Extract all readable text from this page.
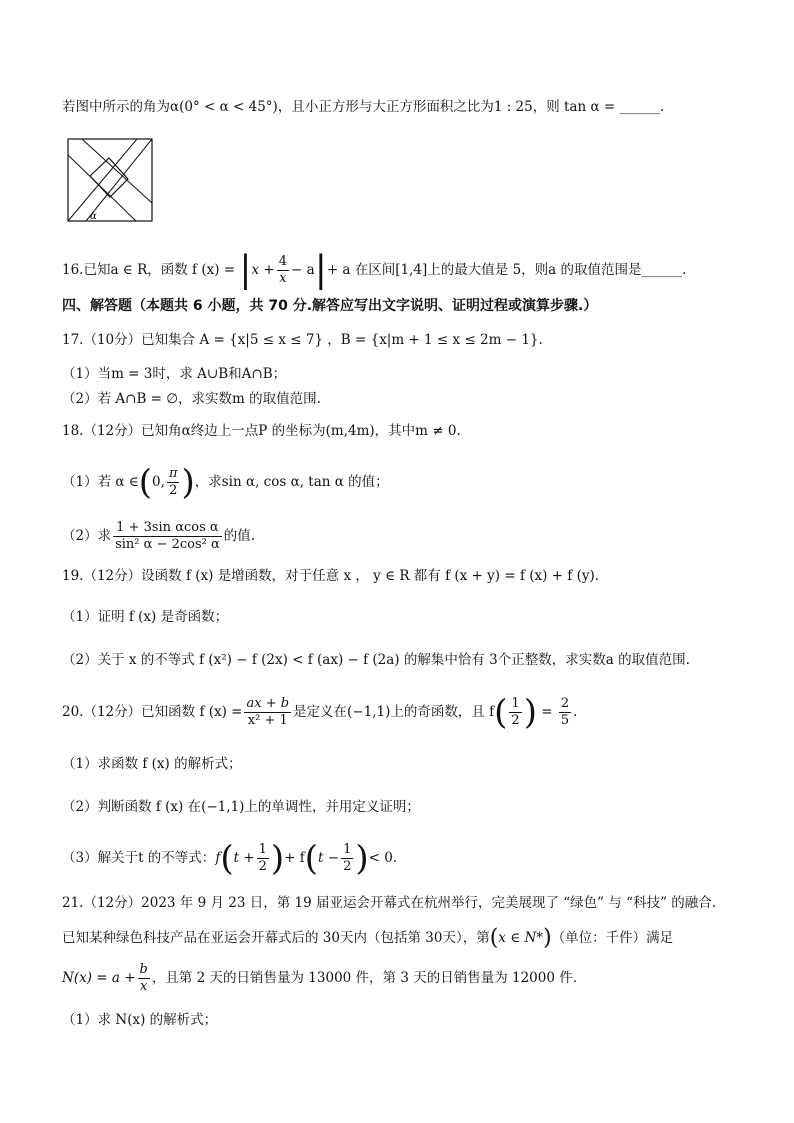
若图中所示的角为α(0° < α < 45°)，且小正方形与大正方形面积之比为1 : 25，则 tan α = ______.
α
16.已知a ∈ R，函数 f $(x) = |x + \frac{4}{x} - a|+ a$ 在区间[1,4]上的最大值是 5，则a 的取值范围是______.
四、解答题（本题共 6 小题，共 70 分.解答应写出文字说明、证明过程或演算步骤.）
17.（10分）已知集合 A = {x|5 ≤ x ≤ 7} ，B = {x|m + 1 ≤ x ≤ 2m − 1}.
（1）当m = 3时，求 A∪B和A∩B；
（2）若 A∩B = ∅，求实数m 的取值范围.
18.（12分）已知角α终边上一点P 的坐标为(m,4m)，其中m ≠ 0.
（1）若 α ∈(0, $\frac{\pi}{2}$ )，求sin α, cos α, tan α 的值；
（2）求 $\frac{\text{1 + 3sin αcos α}}{\text{sin² α − 2cos² α}}$ 的值.
19.（12分）设函数 f (x) 是增函数，对于任意 x ， y ∈ R 都有 f (x + y) = f (x) + f (y).
（1）证明 f (x) 是奇函数；
（2）关于 x 的不等式 f (x²) − f (2x) < f (ax) − f (2a) 的解集中恰有 3个正整数，求实数a 的取值范围.
20.（12分）已知函数 f $(x) = \frac{ax + b}{\text{x² + 1}}$ 是定义在(−1,1)上的奇函数，且 $f( \frac{1}{2}$ ) = $\frac{2}{5}$ .
（1）求函数 f (x) 的解析式；
（2）判断函数 f (x) 在(−1,1)上的单调性，并用定义证明；
（3）解关于t 的不等式：$f(t + \frac{1}{2}$ )+ $f(t - \frac{1}{2}$ )< 0.
21.（12分）2023 年 9 月 23 日，第 19 届亚运会开幕式在杭州举行，完美展现了 “绿色” 与 “科技” 的融合.
已知某种绿色科技产品在亚运会开幕式后的 30天内（包括第 30天），第(x ∈ N*)（单位：千件）满足
$N(x) = a + \frac{b}{x}$ ，且第 2 天的日销售量为 13000 件，第 3 天的日销售量为 12000 件.
（1）求 N(x) 的解析式；
